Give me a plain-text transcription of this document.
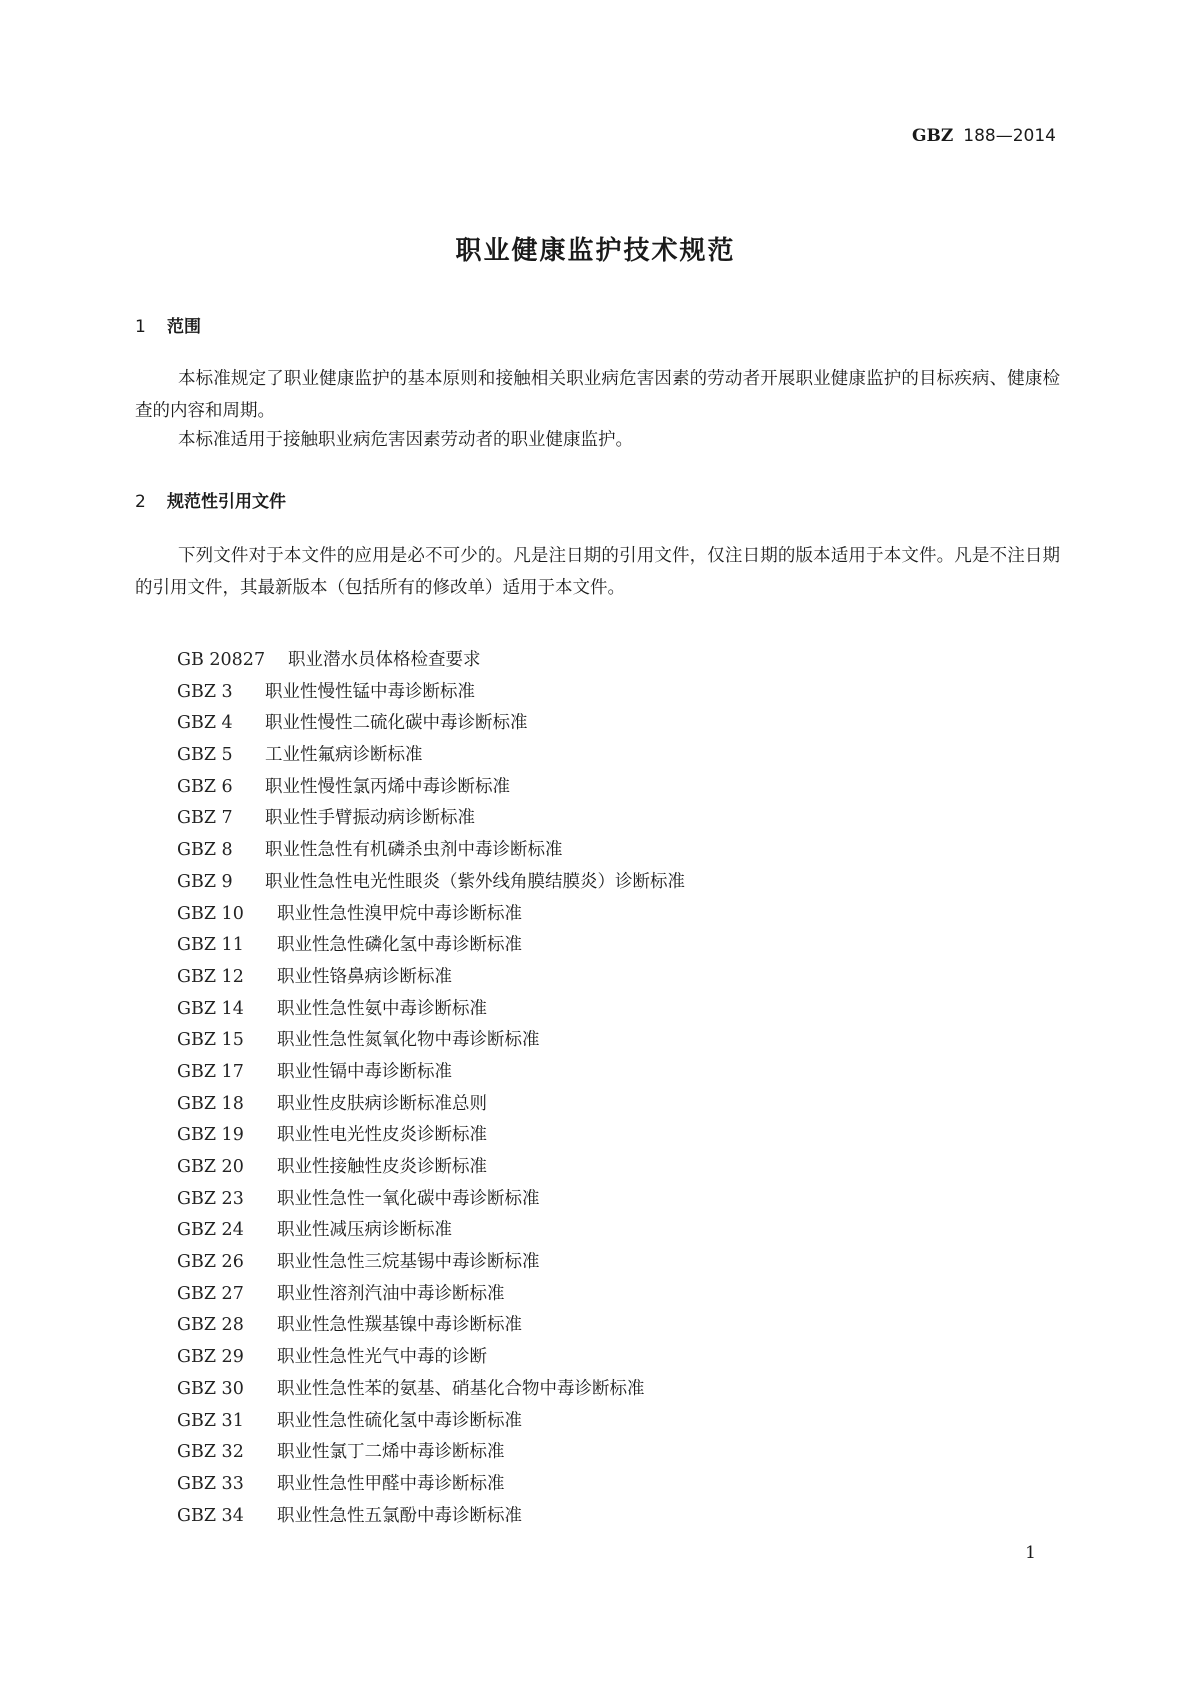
GBZ 188—2014
职业健康监护技术规范
1 范围

本标准规定了职业健康监护的基本原则和接触相关职业病危害因素的劳动者开展职业健康监护的目标疾病、健康检查的内容和周期。

本标准适用于接触职业病危害因素劳动者的职业健康监护。

2 规范性引用文件

下列文件对于本文件的应用是必不可少的。凡是注日期的引用文件，仅注日期的版本适用于本文件。凡是不注日期的引用文件，其最新版本（包括所有的修改单）适用于本文件。

GB 20827 职业潜水员体格检查要求
GBZ 3 职业性慢性锰中毒诊断标准
GBZ 4 职业性慢性二硫化碳中毒诊断标准
GBZ 5 工业性氟病诊断标准
GBZ 6 职业性慢性氯丙烯中毒诊断标准
GBZ 7 职业性手臂振动病诊断标准
GBZ 8 职业性急性有机磷杀虫剂中毒诊断标准
GBZ 9 职业性急性电光性眼炎（紫外线角膜结膜炎）诊断标准
GBZ 10 职业性急性溴甲烷中毒诊断标准
GBZ 11 职业性急性磷化氢中毒诊断标准
GBZ 12 职业性铬鼻病诊断标准
GBZ 14 职业性急性氨中毒诊断标准
GBZ 15 职业性急性氮氧化物中毒诊断标准
GBZ 17 职业性镉中毒诊断标准
GBZ 18 职业性皮肤病诊断标准总则
GBZ 19 职业性电光性皮炎诊断标准
GBZ 20 职业性接触性皮炎诊断标准
GBZ 23 职业性急性一氧化碳中毒诊断标准
GBZ 24 职业性减压病诊断标准
GBZ 26 职业性急性三烷基锡中毒诊断标准
GBZ 27 职业性溶剂汽油中毒诊断标准
GBZ 28 职业性急性羰基镍中毒诊断标准
GBZ 29 职业性急性光气中毒的诊断
GBZ 30 职业性急性苯的氨基、硝基化合物中毒诊断标准
GBZ 31 职业性急性硫化氢中毒诊断标准
GBZ 32 职业性氯丁二烯中毒诊断标准
GBZ 33 职业性急性甲醛中毒诊断标准
GBZ 34 职业性急性五氯酚中毒诊断标准
1
